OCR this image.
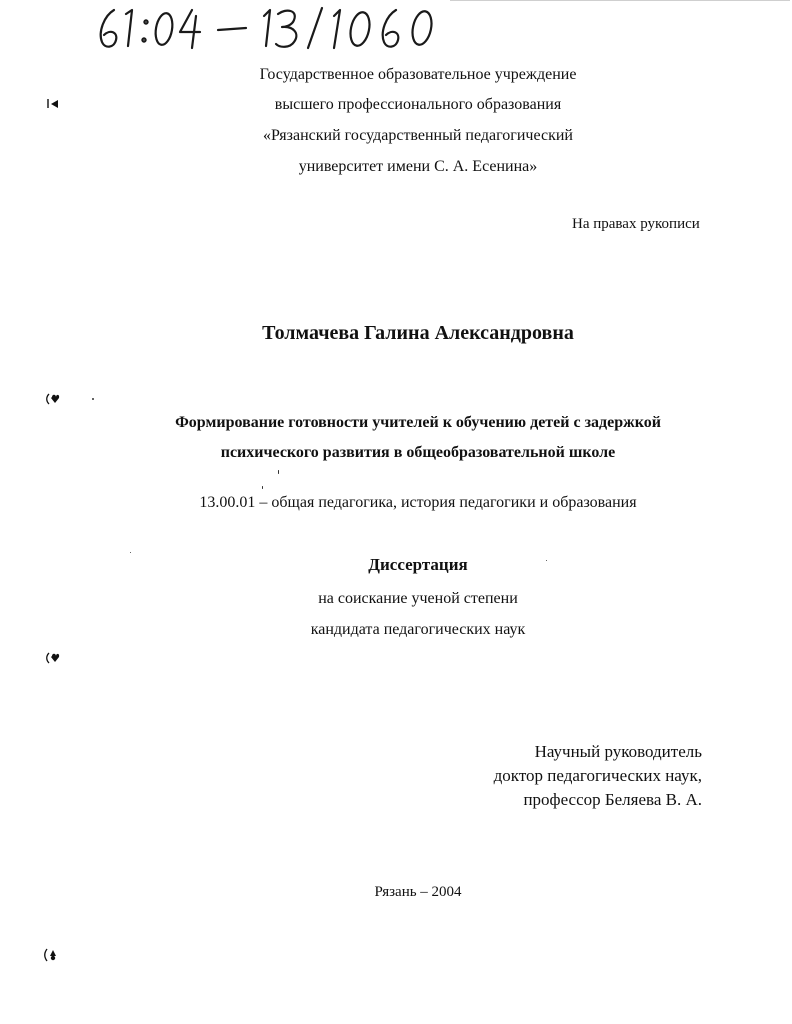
Государственное образовательное учреждение
высшего профессионального образования
«Рязанский государственный педагогический
университет имени С. А. Есенина»
На правах рукописи
Толмачева Галина Александровна
Формирование готовности учителей к обучению детей с задержкой
психического развития в общеобразовательной школе
13.00.01 – общая педагогика, история педагогики и образования
Диссертация
на соискание ученой степени
кандидата педагогических наук
Научный руководитель
доктор педагогических наук,
профессор Беляева В. А.
Рязань – 2004
